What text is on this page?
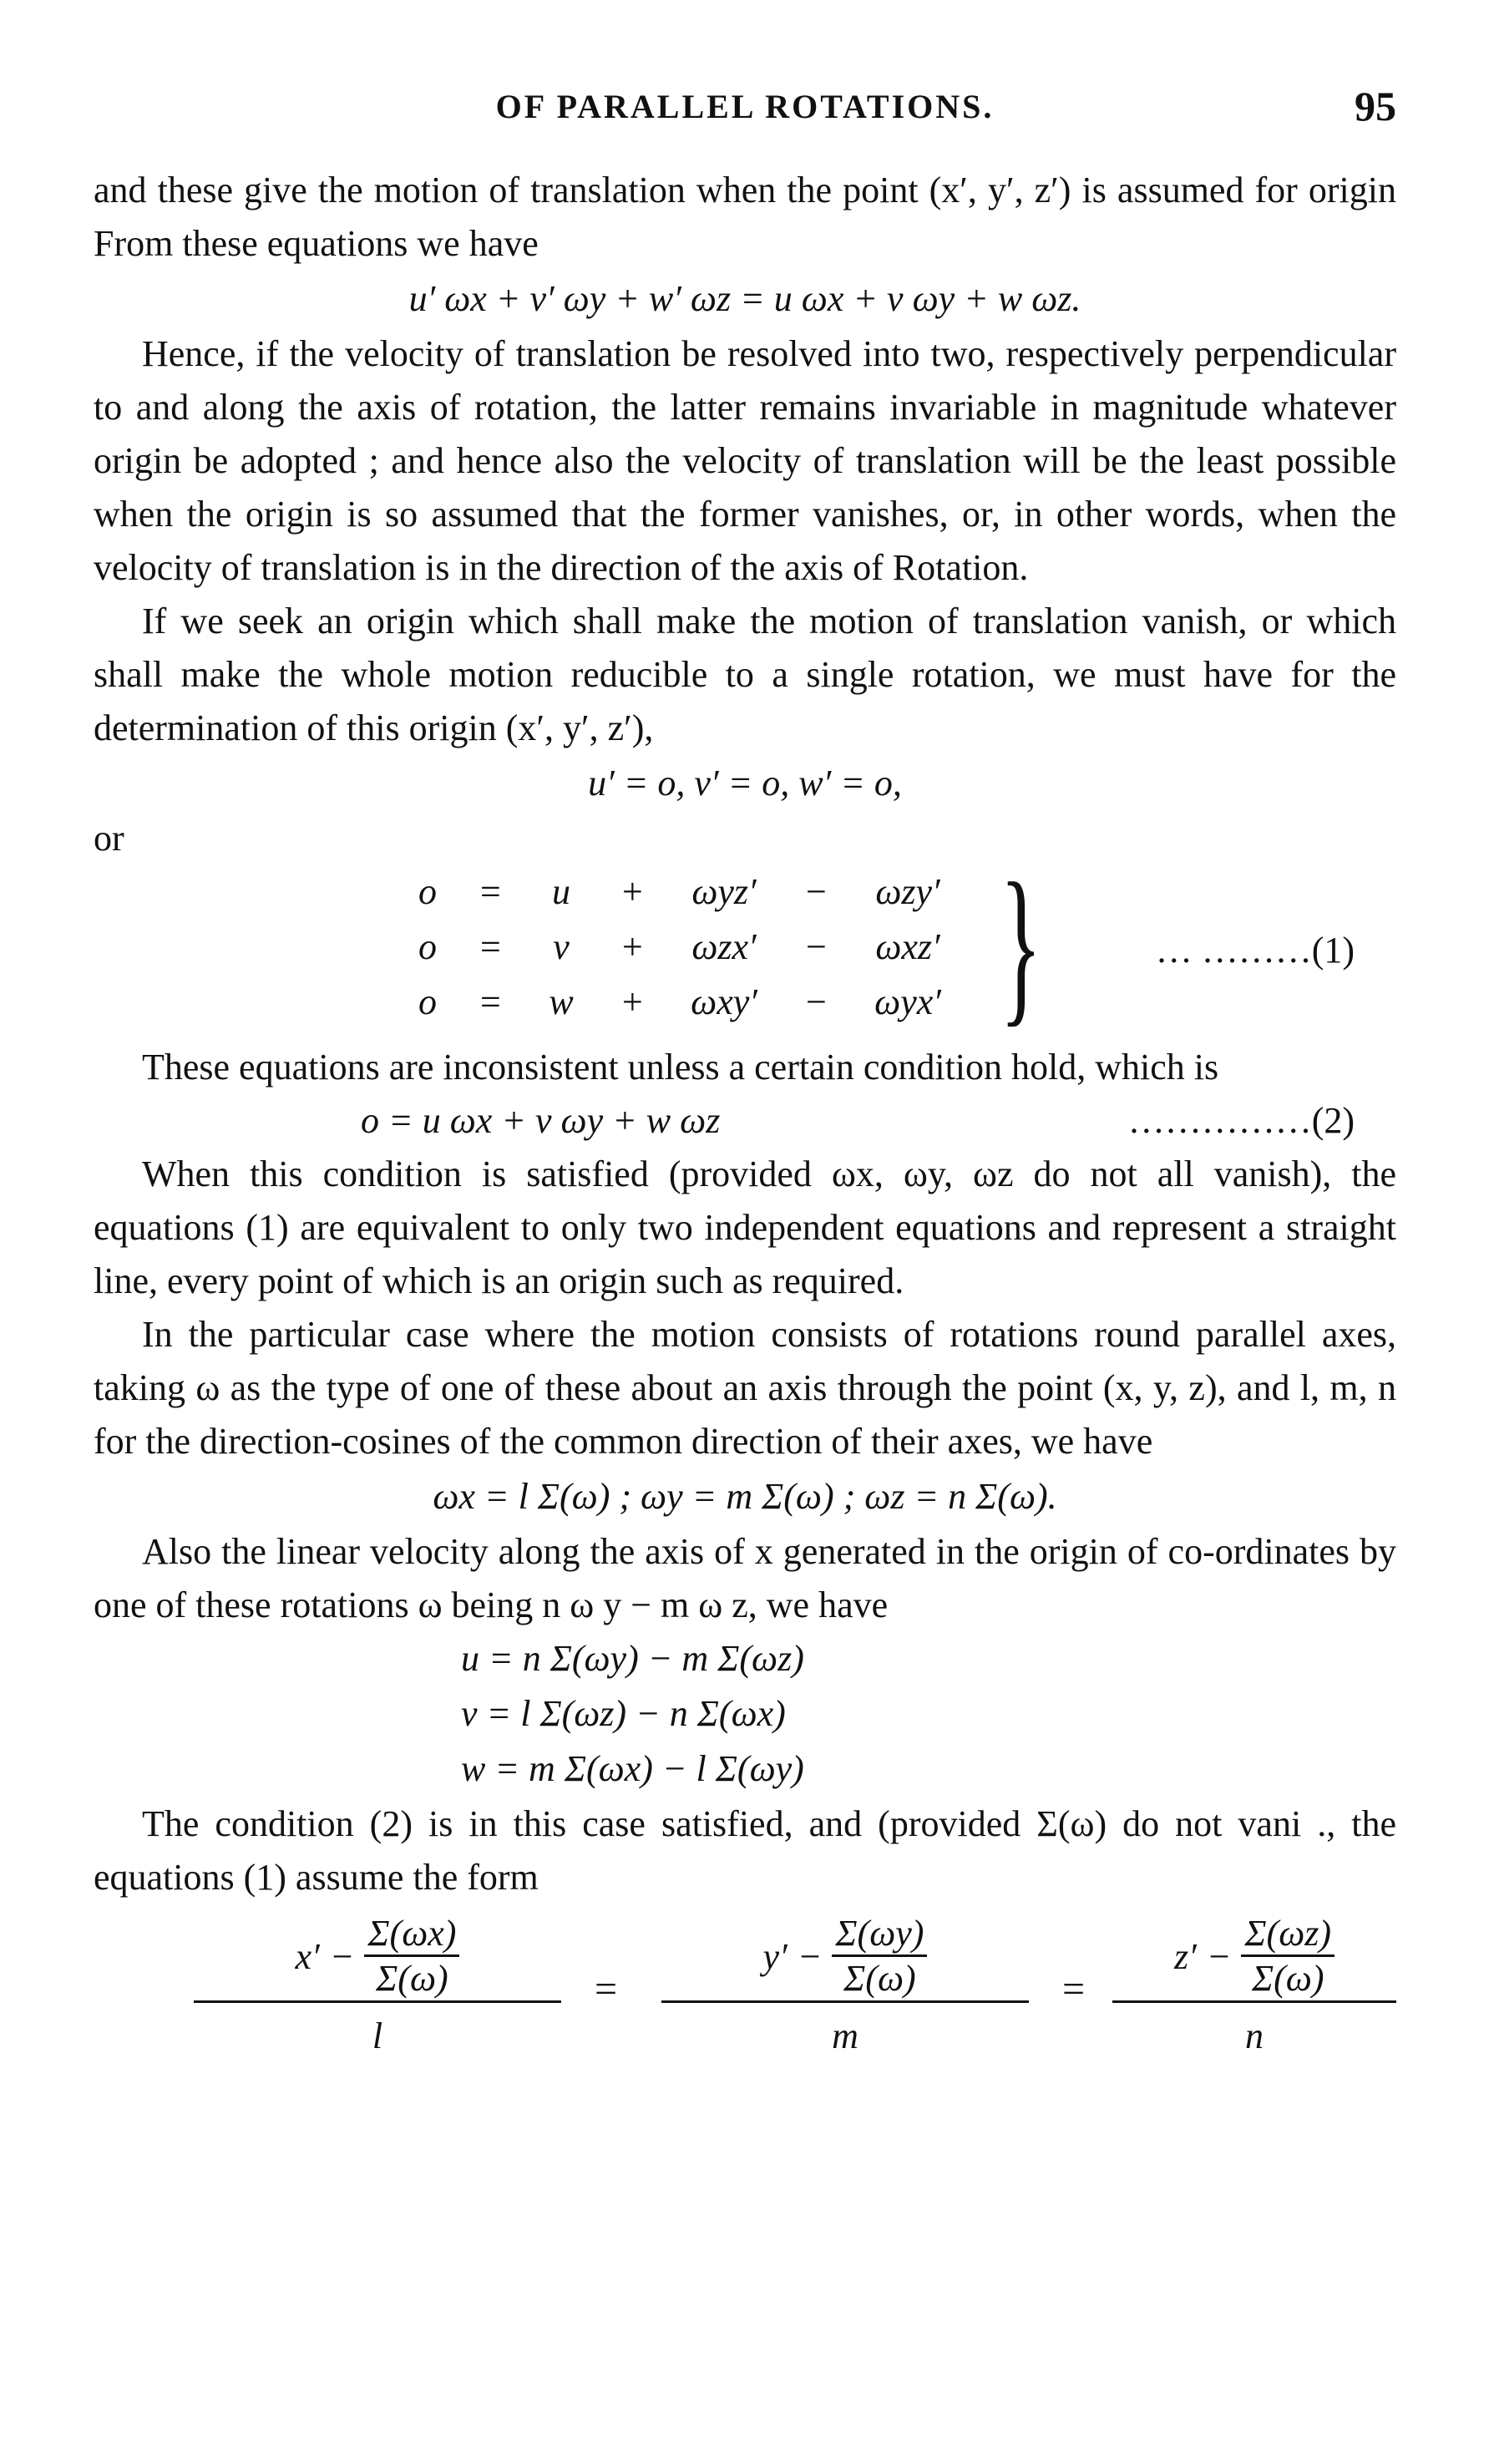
OF PARALLEL ROTATIONS.	95

and these give the motion of translation when the point (x′, y′, z′) is assumed for origin From these equations we have

u′ ωx + v′ ωy + w′ ωz = u ωx + v ωy + w ωz.

Hence, if the velocity of translation be resolved into two, respectively perpendicular to and along the axis of rotation, the latter remains invariable in magnitude whatever origin be adopted ; and hence also the velocity of translation will be the least possible when the origin is so assumed that the former vanishes, or, in other words, when the velocity of translation is in the direction of the axis of Rotation.

If we seek an origin which shall make the motion of translation vanish, or which shall make the whole motion reducible to a single rotation, we must have for the determination of this origin (x′, y′, z′),

u′ = o, v′ = o, w′ = o,

or

o = u + ωyz′ − ωzy′
o = v + ωzx′ − ωxz′
o = w + ωxy′ − ωyx′ }	… ………(1)

These equations are inconsistent unless a certain condition hold, which is

o = u ωx + v ωy + w ωz	……………(2)

When this condition is satisfied (provided ωx, ωy, ωz do not all vanish), the equations (1) are equivalent to only two independent equations and represent a straight line, every point of which is an origin such as required.

In the particular case where the motion consists of rotations round parallel axes, taking ω as the type of one of these about an axis through the point (x, y, z), and l, m, n for the direction-cosines of the common direction of their axes, we have

ωx = l Σ(ω) ; ωy = m Σ(ω) ; ωz = n Σ(ω).

Also the linear velocity along the axis of x generated in the origin of co-ordinates by one of these rotations ω being n ω y − m ω z, we have

u = n Σ(ωy) − m Σ(ωz)
v = l Σ(ωz) − n Σ(ωx)
w = m Σ(ωx) − l Σ(ωy)

The condition (2) is in this case satisfied, and (provided Σ(ω) do not vani ., the equations (1) assume the form

$\frac{x' - \frac{\Sigma(\omega x)}{\Sigma(\omega)}}{l} = \frac{y' - \frac{\Sigma(\omega y)}{\Sigma(\omega)}}{m} = \frac{z' - \frac{\Sigma(\omega z)}{\Sigma(\omega)}}{n}$
